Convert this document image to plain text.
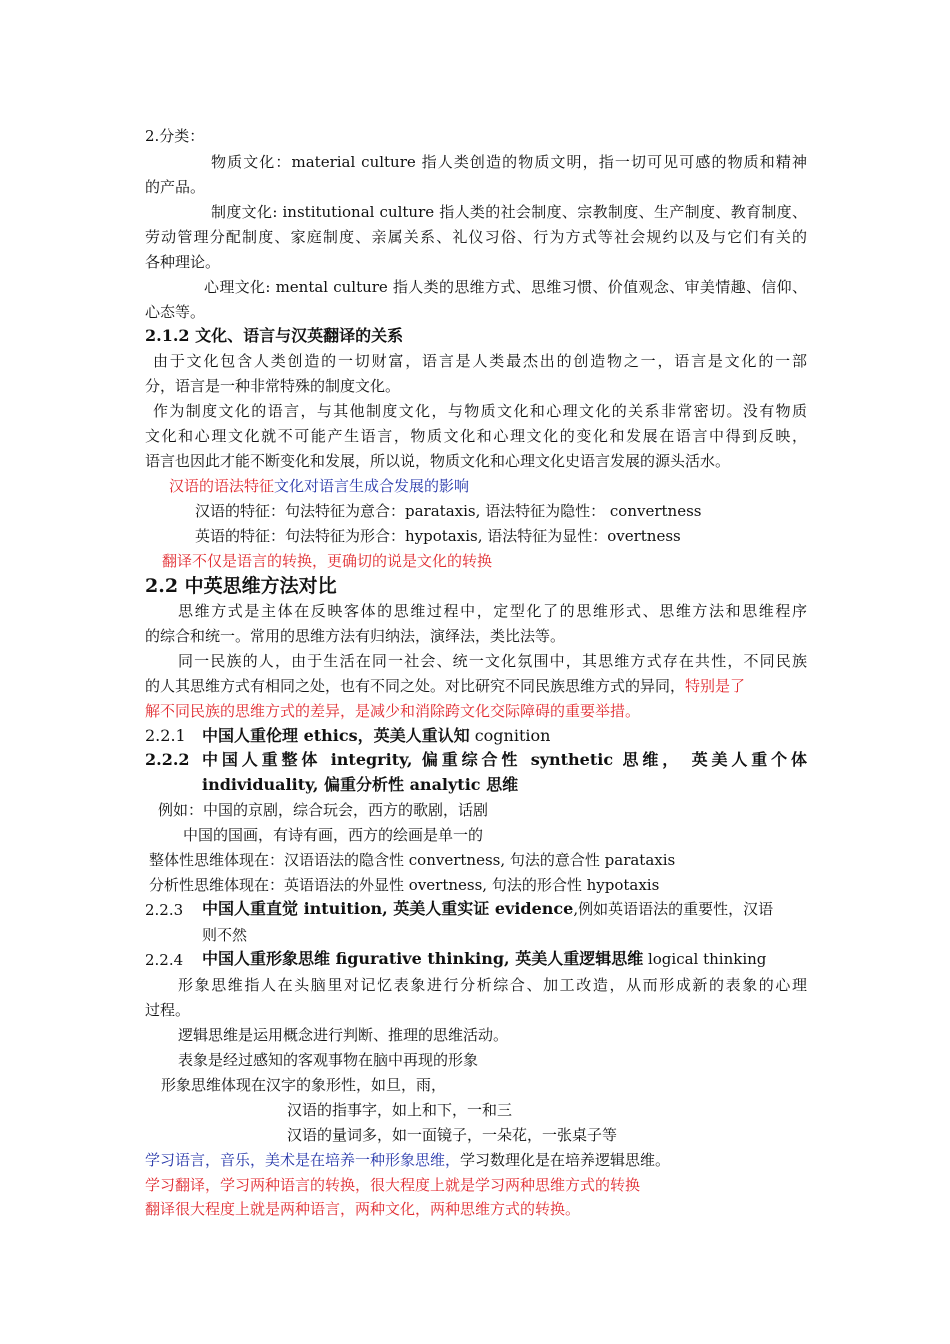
2.分类：
物质文化：material culture 指人类创造的物质文明，指一切可见可感的物质和精神
的产品。
制度文化: institutional culture 指人类的社会制度、宗教制度、生产制度、教育制度、
劳动管理分配制度、家庭制度、亲属关系、礼仪习俗、行为方式等社会规约以及与它们有关的
各种理论。
心理文化: mental culture 指人类的思维方式、思维习惯、价值观念、审美情趣、信仰、
心态等。
2.1.2 文化、语言与汉英翻译的关系
由于文化包含人类创造的一切财富，语言是人类最杰出的创造物之一，语言是文化的一部
分，语言是一种非常特殊的制度文化。
作为制度文化的语言，与其他制度文化，与物质文化和心理文化的关系非常密切。没有物质
文化和心理文化就不可能产生语言，物质文化和心理文化的变化和发展在语言中得到反映，
语言也因此才能不断变化和发展，所以说，物质文化和心理文化史语言发展的源头活水。
汉语的语法特征文化对语言生成合发展的影响
汉语的特征：句法特征为意合：parataxis, 语法特征为隐性： convertness
英语的特征：句法特征为形合：hypotaxis, 语法特征为显性：overtness
翻译不仅是语言的转换，更确切的说是文化的转换
2.2 中英思维方法对比
思维方式是主体在反映客体的思维过程中，定型化了的思维形式、思维方法和思维程序
的综合和统一。常用的思维方法有归纳法，演绎法，类比法等。
同一民族的人，由于生活在同一社会、统一文化氛围中，其思维方式存在共性，不同民族
的人其思维方式有相同之处，也有不同之处。对比研究不同民族思维方式的异同，特别是了
解不同民族的思维方式的差异，是减少和消除跨文化交际障碍的重要举措。
2.2.1 中国人重伦理 ethics，英美人重认知 cognition
2.2.2 中国人重整体 integrity, 偏重综合性 synthetic 思维， 英美人重个体
individuality, 偏重分析性 analytic 思维
例如：中国的京剧，综合玩会，西方的歌剧，话剧
中国的国画，有诗有画，西方的绘画是单一的
整体性思维体现在：汉语语法的隐含性 convertness, 句法的意合性 parataxis
分析性思维体现在：英语语法的外显性 overtness, 句法的形合性 hypotaxis
2.2.3 中国人重直觉 intuition, 英美人重实证 evidence,例如英语语法的重要性，汉语
则不然
2.2.4 中国人重形象思维 figurative thinking, 英美人重逻辑思维 logical thinking
形象思维指人在头脑里对记忆表象进行分析综合、加工改造，从而形成新的表象的心理
过程。
逻辑思维是运用概念进行判断、推理的思维活动。
表象是经过感知的客观事物在脑中再现的形象
形象思维体现在汉字的象形性，如旦，雨，
汉语的指事字，如上和下，一和三
汉语的量词多，如一面镜子，一朵花，一张桌子等
学习语言，音乐，美术是在培养一种形象思维，学习数理化是在培养逻辑思维。
学习翻译，学习两种语言的转换，很大程度上就是学习两种思维方式的转换
翻译很大程度上就是两种语言，两种文化，两种思维方式的转换。
